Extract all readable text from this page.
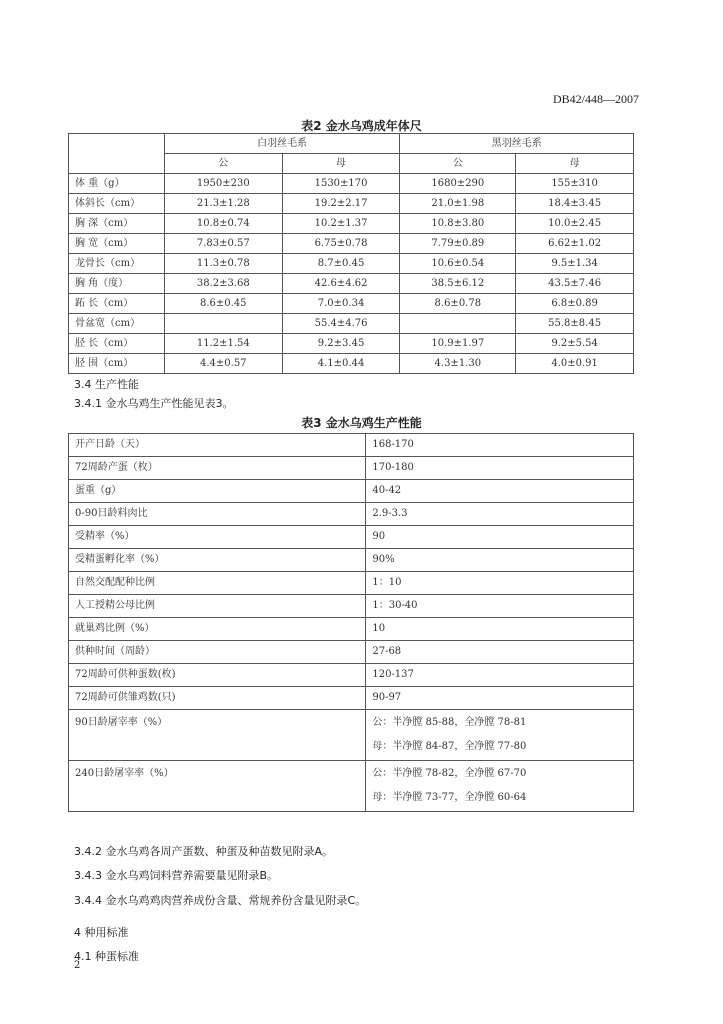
DB42/448—2007
表2 金水乌鸡成年体尺
	白羽丝毛系		黑羽丝毛系	
	公	母	公	母
体 重（g）	1950±230	1530±170	1680±290	155±310
体斜长（cm）	21.3±1.28	19.2±2.17	21.0±1.98	18.4±3.45
胸 深（cm）	10.8±0.74	10.2±1.37	10.8±3.80	10.0±2.45
胸 宽（cm）	7.83±0.57	6.75±0.78	7.79±0.89	6.62±1.02
龙骨长（cm）	11.3±0.78	8.7±0.45	10.6±0.54	9.5±1.34
胸 角（度）	38.2±3.68	42.6±4.62	38.5±6.12	43.5±7.46
跖 长（cm）	8.6±0.45	7.0±0.34	8.6±0.78	6.8±0.89
骨盆宽（cm）		55.4±4.76		55.8±8.45
胫 长（cm）	11.2±1.54	9.2±3.45	10.9±1.97	9.2±5.54
胫 围（cm）	4.4±0.57	4.1±0.44	4.3±1.30	4.0±0.91
3.4 生产性能
3.4.1 金水乌鸡生产性能见表3。
表3 金水乌鸡生产性能
开产日龄（天）	168-170
72周龄产蛋（枚）	170-180
蛋重（g）	40-42
0-90日龄料肉比	2.9-3.3
受精率（%）	90
受精蛋孵化率（%）	90%
自然交配配种比例	1：10
人工授精公母比例	1：30-40
就巢鸡比例（%）	10
供种时间（周龄）	27-68
72周龄可供种蛋数(枚)	120-137
72周龄可供雏鸡数(只)	90-97

90日龄屠宰率（%）	公：半净膛 85-88，全净膛 78-81
母：半净膛 84-87，全净膛 77-80

240日龄屠宰率（%）	公：半净膛 78-82，全净膛 67-70
母：半净膛 73-77，全净膛 60-64
3.4.2 金水乌鸡各周产蛋数、种蛋及种苗数见附录A。
3.4.3 金水乌鸡饲料营养需要量见附录B。
3.4.4 金水乌鸡鸡肉营养成份含量、常规养份含量见附录C。
4 种用标准
4.1 种蛋标准
2
